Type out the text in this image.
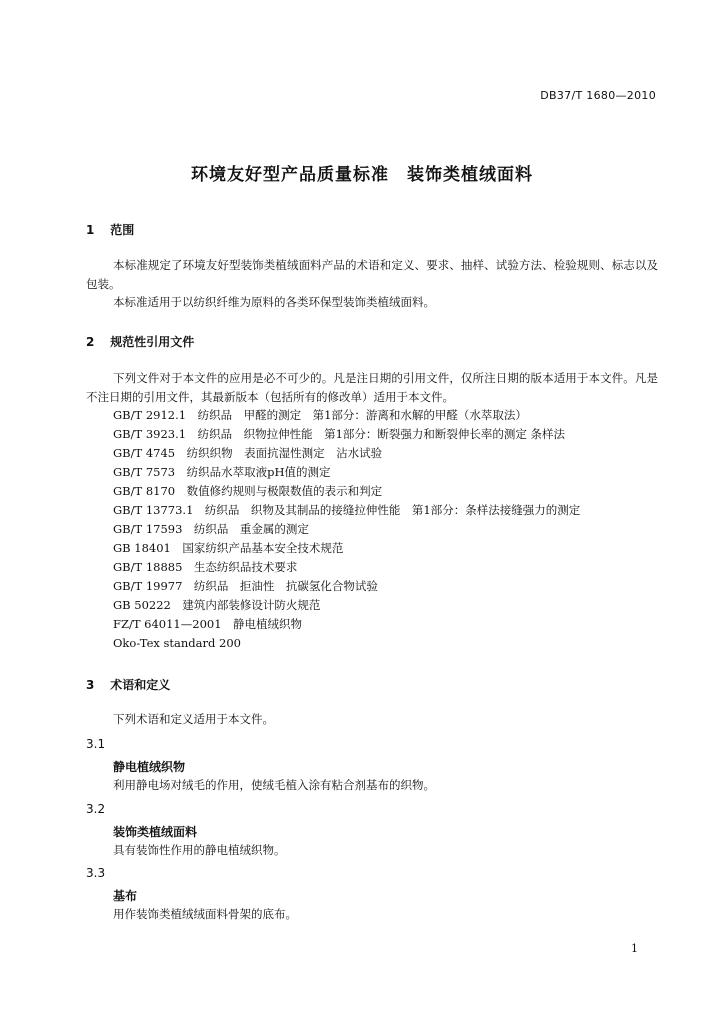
DB37/T 1680—2010
环境友好型产品质量标准　装饰类植绒面料
1 范围
本标准规定了环境友好型装饰类植绒面料产品的术语和定义、要求、抽样、试验方法、检验规则、标志以及包装。
本标准适用于以纺织纤维为原料的各类环保型装饰类植绒面料。
2 规范性引用文件
下列文件对于本文件的应用是必不可少的。凡是注日期的引用文件，仅所注日期的版本适用于本文件。凡是不注日期的引用文件，其最新版本（包括所有的修改单）适用于本文件。
GB/T 2912.1　纺织品　甲醛的测定　第1部分：游离和水解的甲醛（水萃取法）
GB/T 3923.1　纺织品　织物拉伸性能　第1部分：断裂强力和断裂伸长率的测定 条样法
GB/T 4745　纺织织物　表面抗湿性测定　沾水试验
GB/T 7573　纺织品水萃取液pH值的测定
GB/T 8170　数值修约规则与极限数值的表示和判定
GB/T 13773.1　纺织品　织物及其制品的接缝拉伸性能　第1部分：条样法接缝强力的测定
GB/T 17593　纺织品　重金属的测定
GB 18401　国家纺织产品基本安全技术规范
GB/T 18885　生态纺织品技术要求
GB/T 19977　纺织品　拒油性　抗碳氢化合物试验
GB 50222　建筑内部装修设计防火规范
FZ/T 64011—2001　静电植绒织物
Oko-Tex standard 200
3 术语和定义
下列术语和定义适用于本文件。
3.1
静电植绒织物
利用静电场对绒毛的作用，使绒毛植入涂有粘合剂基布的织物。
3.2
装饰类植绒面料
具有装饰性作用的静电植绒织物。
3.3
基布
用作装饰类植绒绒面料骨架的底布。
1
